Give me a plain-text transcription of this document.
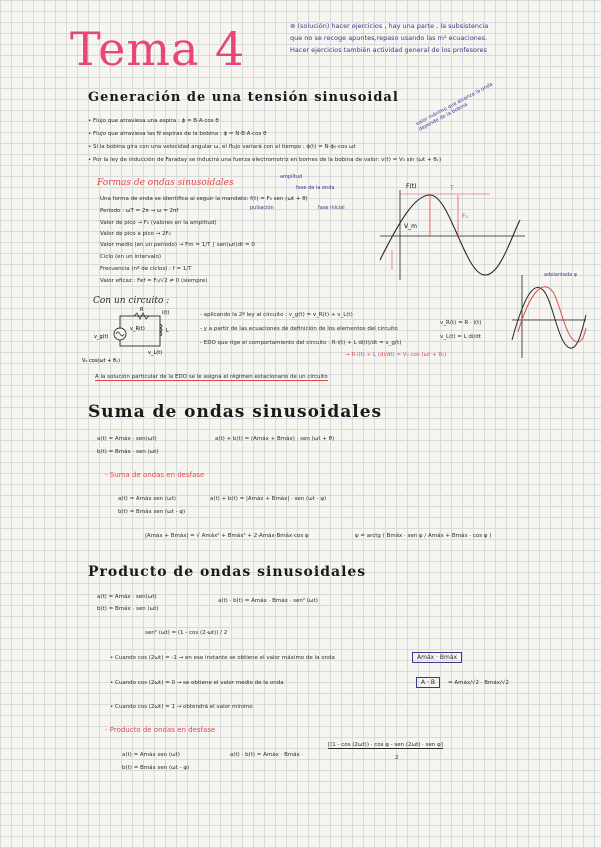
Tema 4	⊛ (solución) hacer ejercicios , hay una parte , la subsistencia
que no se recoge apuntes,repaso usando las m² ecuaciones.
Hacer ejercicios también actividad general de los profesores
Generación de una tensión sinusoidal
• Flujo que atraviesa una espira : ϕ = B·A·cos θ
• Flujo que atraviesa las N espiras de la bobina : ϕ = N·B·A·cos θ
• Si la bobina gira con una velocidad angular ω, el flujo variará con el tiempo : ϕ(t) = N·ϕ₀·cos ωt
• Por la ley de inducción de Faraday se inducirá una fuerza electromotriz en bornes de la bobina de valor: v(t) = V₀ sin (ωt + θᵥ)
valor máximo que alcanza la onda depende de la bobina
Formas de ondas sinusoidales
Una forma de onda se identifica al seguir la mandato: f(t) = F₀ sen (ωt + θ)
Período : ωT = 2π → ω = 2πf
Valor de pico → F₀ (valores en la amplitud)
Valor de pico a pico → 2F₀
Valor medio (en un período) → Fm = 1/T ∫ sen(ωt)dt = 0
Ciclo (en un intervalo)
Frecuencia (nº de ciclos) : f = 1/T
Valor eficaz : Fef = F₀/√2 ≠ 0 (siempre)
amplitud
fase de la onda
pulsación	fase inicial
F(t)
F₀
V_m
T
adelantada φ
Con un circuito :
i(t)
R
L
v_R(t)
v_L(t)
v_g(t)
V₀ cos(ωt + θᵥ)
- aplicando la 2ª ley al circuito : v_g(t) = v_R(t) + v_L(t)
- y a partir de las ecuaciones de definición de los elementos del circuito
- EDO que rige el comportamiento del circuito : R·i(t) + L di(t)/dt = v_g(t)
v_R(t) = R · i(t)
v_L(t) = L di/dt
→ R·i(t) + L (di/dt) = V₀ cos (ωt + θᵥ)
A la solución particular de la EDO se le asigna el régimen estacionario de un circuito
Suma de ondas sinusoidales
a(t) = Amáx · sen(ωt)
b(t) = Bmáx · sen (ωt)
a(t) + b(t) = (Amáx + Bmáx) · sen (ωt + θ)
- Suma de ondas en desfase
a(t) = Amáx sen (ωt)
b(t) = Bmáx sen (ωt - φ)
a(t) + b(t) = |Amáx + Bmáx| · sen (ωt - ψ)
|Amáx + Bmáx| = √ Amáx² + Bmáx² + 2·Amáx·Bmáx·cos φ	ψ = arctg ( Bmáx · sen φ / Amáx + Bmáx · cos φ )
Producto de ondas sinusoidales
a(t) = Amáx · sen(ωt)
b(t) = Bmáx · sen (ωt)
a(t) · b(t) = Amáx · Bmáx · sen² (ωt)
sen² (ωt) = (1 - cos (2·ωt)) / 2
• Cuando cos (2ωt) = -1 → en ese instante se obtiene el valor máximo de la onda
• Cuando cos (2ωt) = 0 → se obtiene el valor medio de la onda
• Cuando cos (2ωt) = 1 → obtendrá el valor mínimo
Amáx · Bmáx
A · B	= Amáx/√2 · Bmáx/√2
- Producto de ondas en desfase
a(t) = Amáx sen (ωt)
b(t) = Bmáx sen (ωt - φ)
a(t) · b(t) = Amáx · Bmáx ·
[(1 - cos (2ωt)) · cos φ - sen (2ωt) · sen φ]
2
